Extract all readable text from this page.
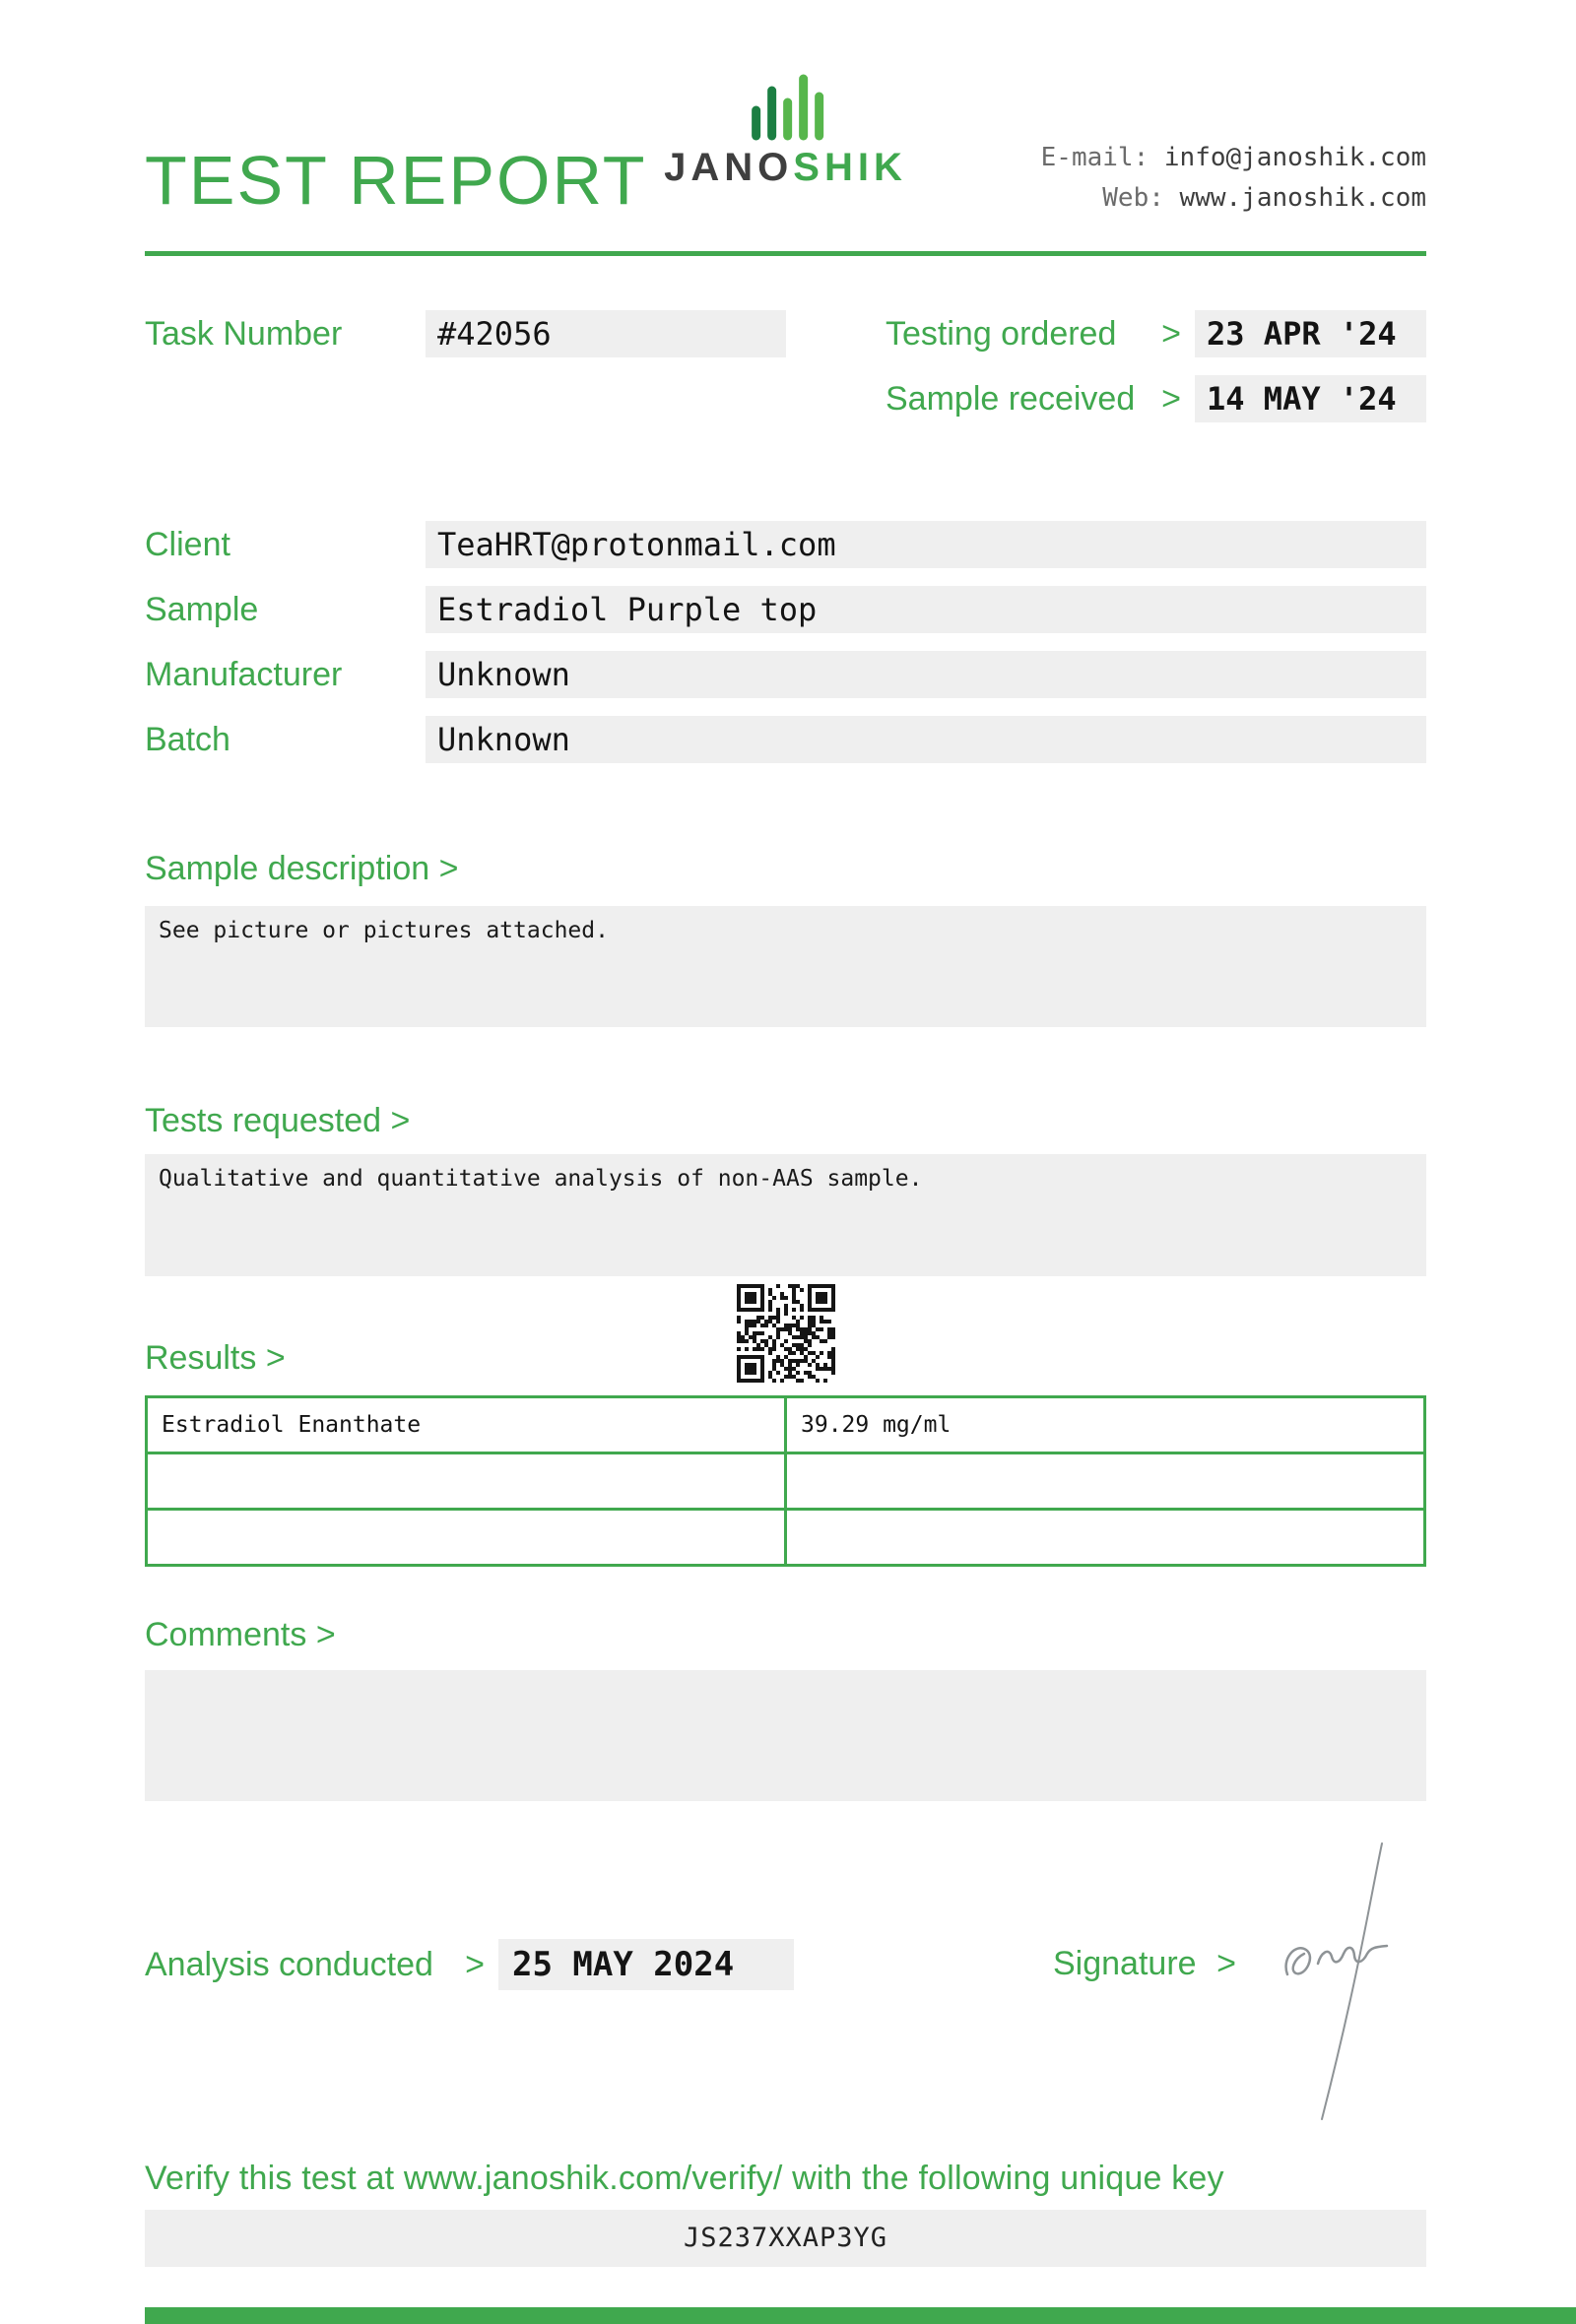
TEST REPORT JANOSHIK	E-mail: info@janoshik.com
Web: www.janoshik.com
Task Number	#42056	Testing ordered > 23 APR '24
Sample received > 14 MAY '24
Client	TeaHRT@protonmail.com
Sample	Estradiol Purple top
Manufacturer	Unknown
Batch	Unknown
Sample description >
See picture or pictures attached.
Tests requested >
Qualitative and quantitative analysis of non-AAS sample.
Results >
Estradiol Enanthate	39.29 mg/ml

Comments >
Analysis conducted > 25 MAY 2024	Signature >
Verify this test at www.janoshik.com/verify/ with the following unique key
JS237XXAP3YG
